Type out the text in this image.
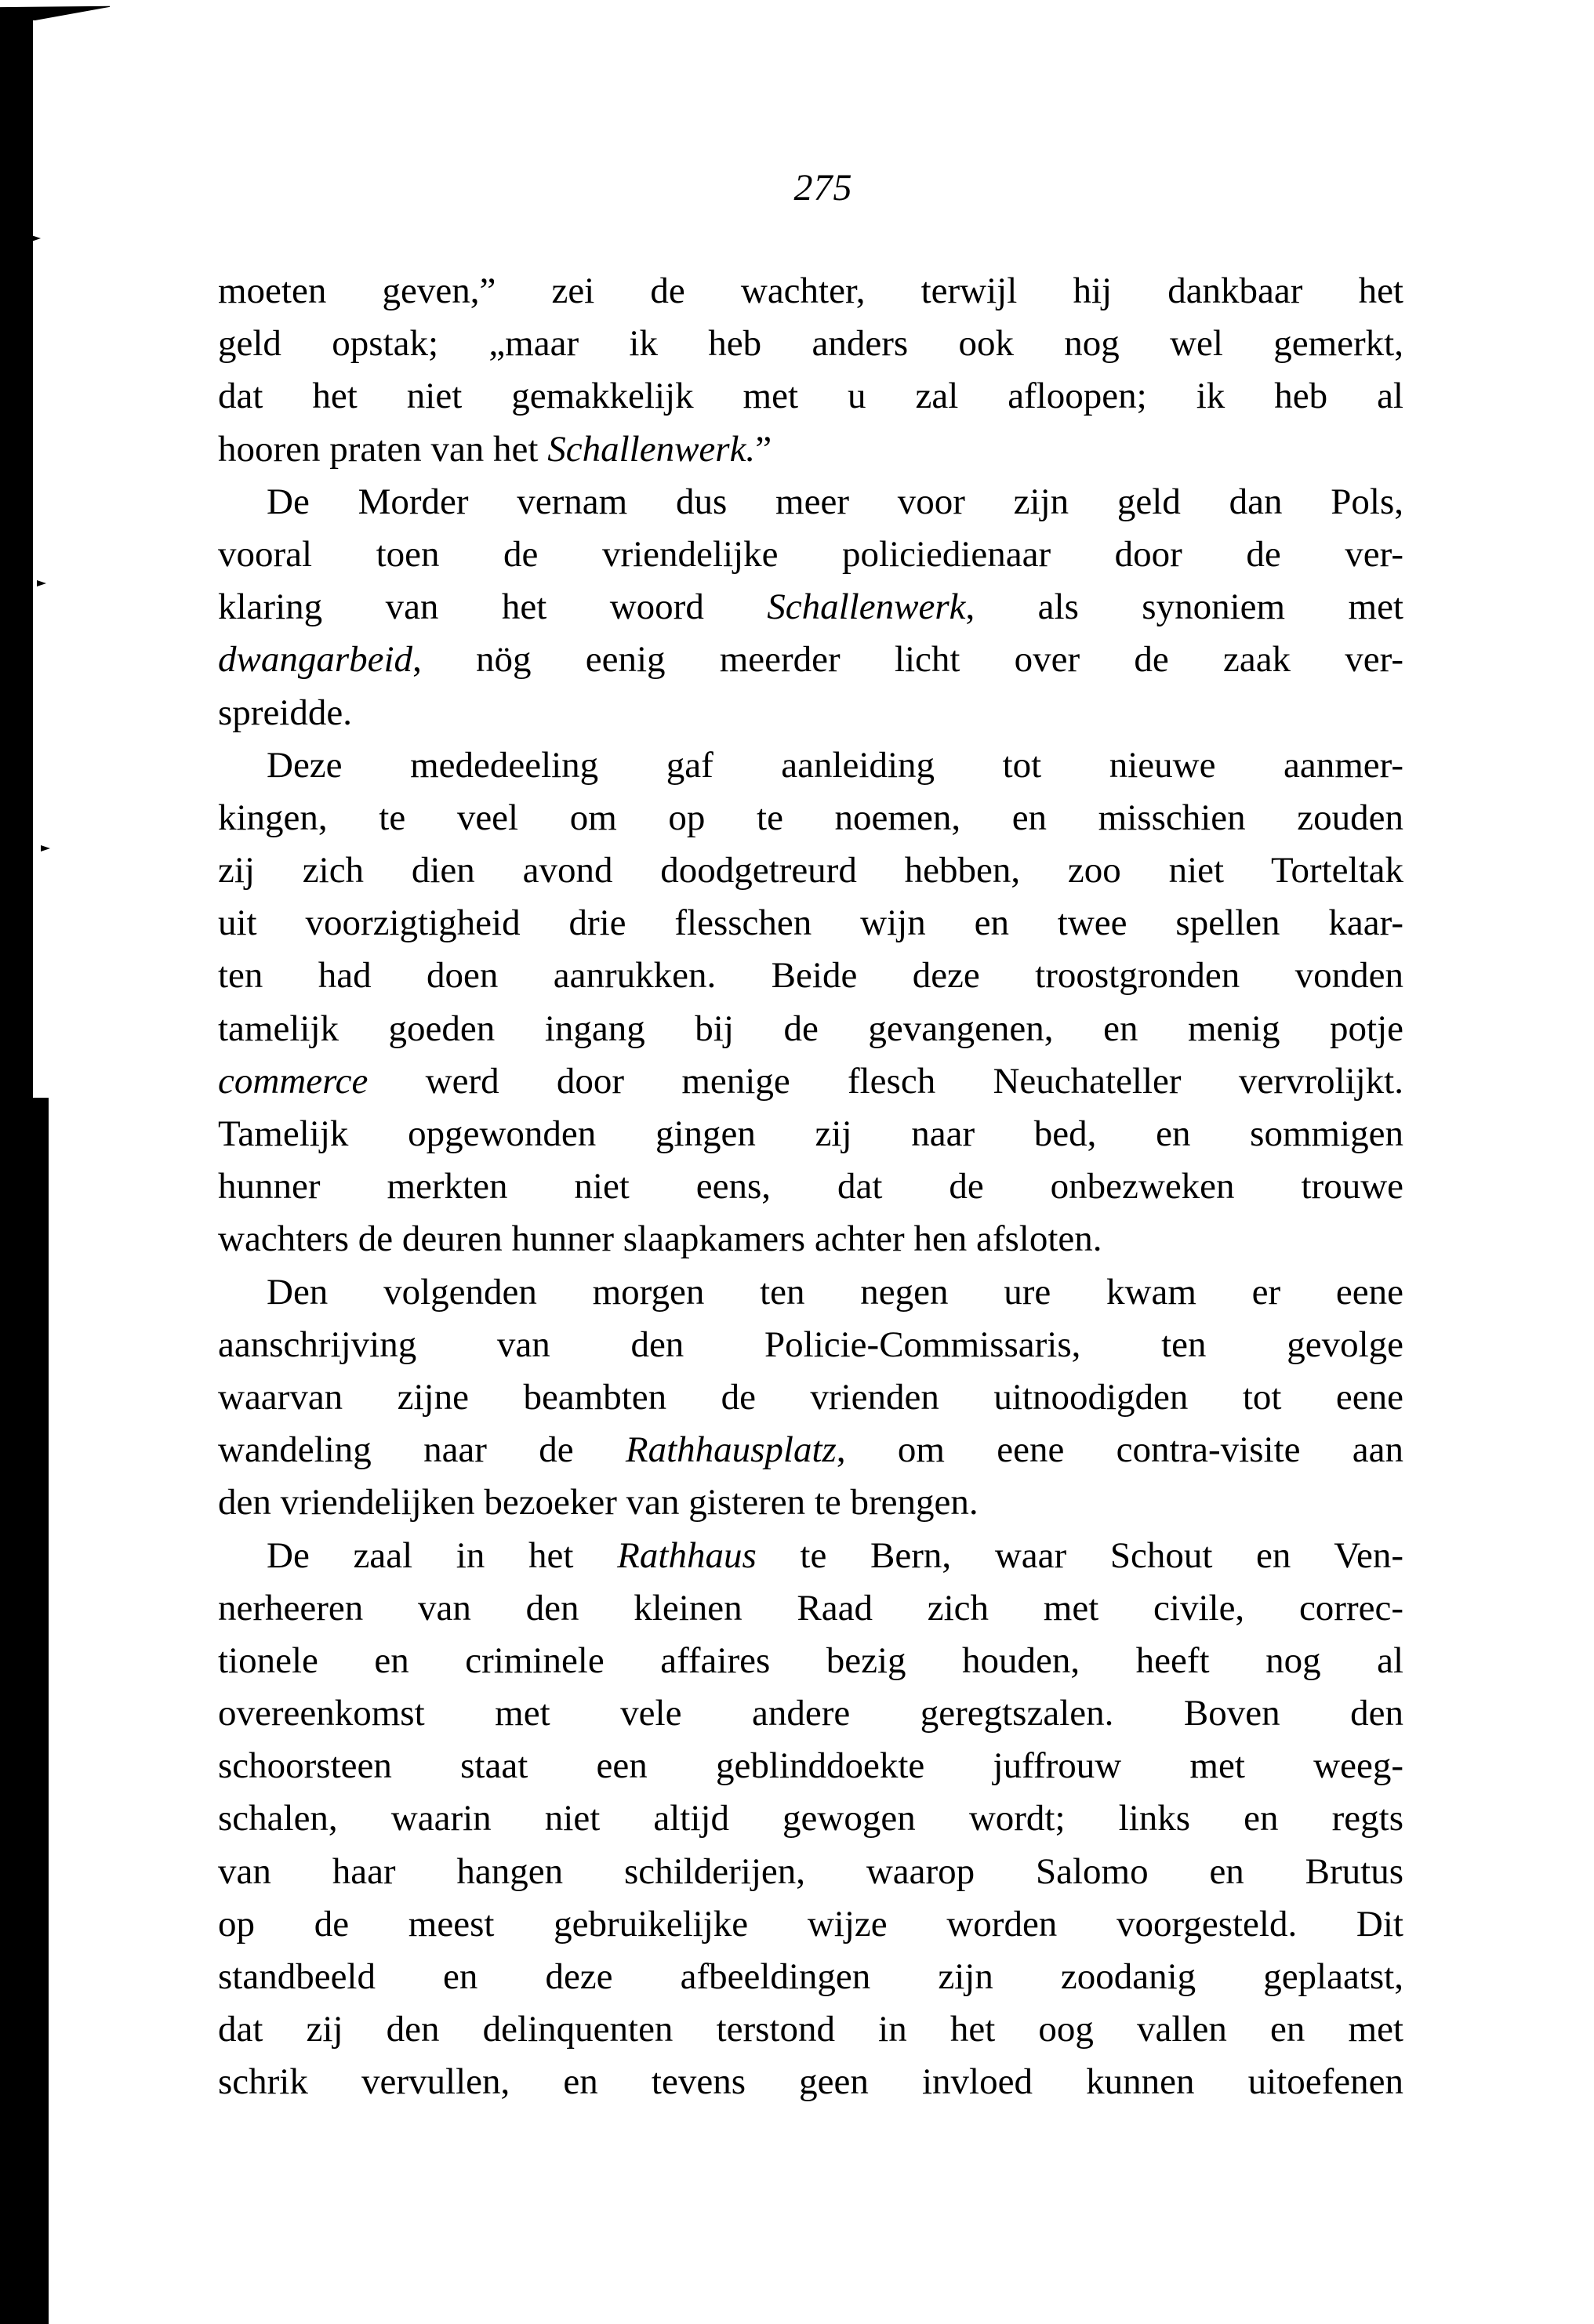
275
moeten geven,” zei de wachter, terwijl hij dankbaar het
geld opstak; „maar ik heb anders ook nog wel gemerkt,
dat het niet gemakkelijk met u zal afloopen; ik heb al
hooren praten van het Schallenwerk.”
De Morder vernam dus meer voor zijn geld dan Pols,
vooral toen de vriendelijke policiedienaar door de ver-
klaring van het woord Schallenwerk, als synoniem met
dwangarbeid, nög eenig meerder licht over de zaak ver-
spreidde.
Deze mededeeling gaf aanleiding tot nieuwe aanmer-
kingen, te veel om op te noemen, en misschien zouden
zij zich dien avond doodgetreurd hebben, zoo niet Torteltak
uit voorzigtigheid drie flesschen wijn en twee spellen kaar-
ten had doen aanrukken. Beide deze troostgronden vonden
tamelijk goeden ingang bij de gevangenen, en menig potje
commerce werd door menige flesch Neuchateller vervrolijkt.
Tamelijk opgewonden gingen zij naar bed, en sommigen
hunner merkten niet eens, dat de onbezweken trouwe
wachters de deuren hunner slaapkamers achter hen afsloten.
Den volgenden morgen ten negen ure kwam er eene
aanschrijving van den Policie-Commissaris, ten gevolge
waarvan zijne beambten de vrienden uitnoodigden tot eene
wandeling naar de Rathhausplatz, om eene contra-visite aan
den vriendelijken bezoeker van gisteren te brengen.
De zaal in het Rathhaus te Bern, waar Schout en Ven-
nerheeren van den kleinen Raad zich met civile, correc-
tionele en criminele affaires bezig houden, heeft nog al
overeenkomst met vele andere geregtszalen. Boven den
schoorsteen staat een geblinddoekte juffrouw met weeg-
schalen, waarin niet altijd gewogen wordt; links en regts
van haar hangen schilderijen, waarop Salomo en Brutus
op de meest gebruikelijke wijze worden voorgesteld. Dit
standbeeld en deze afbeeldingen zijn zoodanig geplaatst,
dat zij den delinquenten terstond in het oog vallen en met
schrik vervullen, en tevens geen invloed kunnen uitoefenen
